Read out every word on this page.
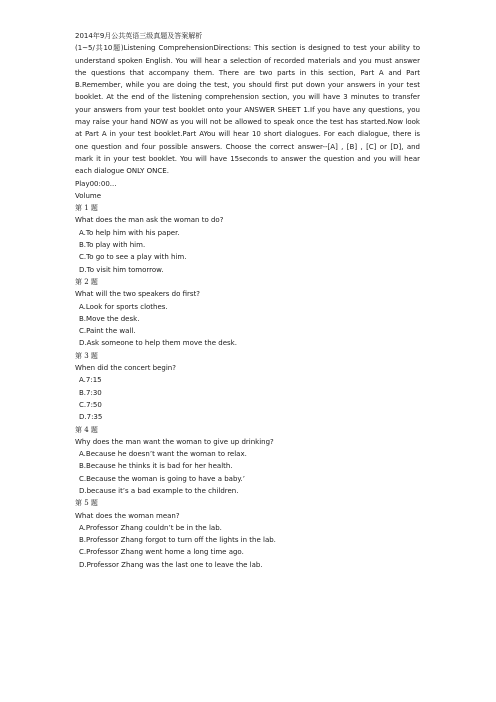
2014年9月公共英语三级真题及答案解析

(1~5/共10题)Listening ComprehensionDirections: This section is designed to test your ability to understand spoken English. You will hear a selection of recorded materials and you must answer the questions that accompany them. There are two parts in this section, Part A and Part B.Remember, while you are doing the test, you should first put down your answers in your test booklet. At the end of the listening comprehension section, you will have 3 minutes to transfer your answers from your test booklet onto your ANSWER SHEET 1.If you have any questions, you may raise your hand NOW as you will not be allowed to speak once the test has started.Now look at Part A in your test booklet.Part AYou will hear 10 short dialogues. For each dialogue, there is one question and four possible answers. Choose the correct answer--[A] , [B] , [C] or [D], and mark it in your test booklet. You will have 15seconds to answer the question and you will hear each dialogue ONLY ONCE.

Play00:00...

Volume

第 1 题

What does the man ask the woman to do?

A.To help him with his paper.
B.To play with him.
C.To go to see a play with him.
D.To visit him tomorrow.

第 2 题

What will the two speakers do first?

A.Look for sports clothes.
B.Move the desk.
C.Paint the wall.
D.Ask someone to help them move the desk.

第 3 题

When did the concert begin?

A.7:15
B.7:30
C.7:50
D.7:35

第 4 题

Why does the man want the woman to give up drinking?

A.Because he doesn’t want the woman to relax.
B.Because he thinks it is bad for her health.
C.Because the woman is going to have a baby.’
D.because it’s a bad example to the children.

第 5 题

What does the woman mean?

A.Professor Zhang couldn’t be in the lab.
B.Professor Zhang forgot to turn off the lights in the lab.
C.Professor Zhang went home a long time ago.
D.Professor Zhang was the last one to leave the lab.
